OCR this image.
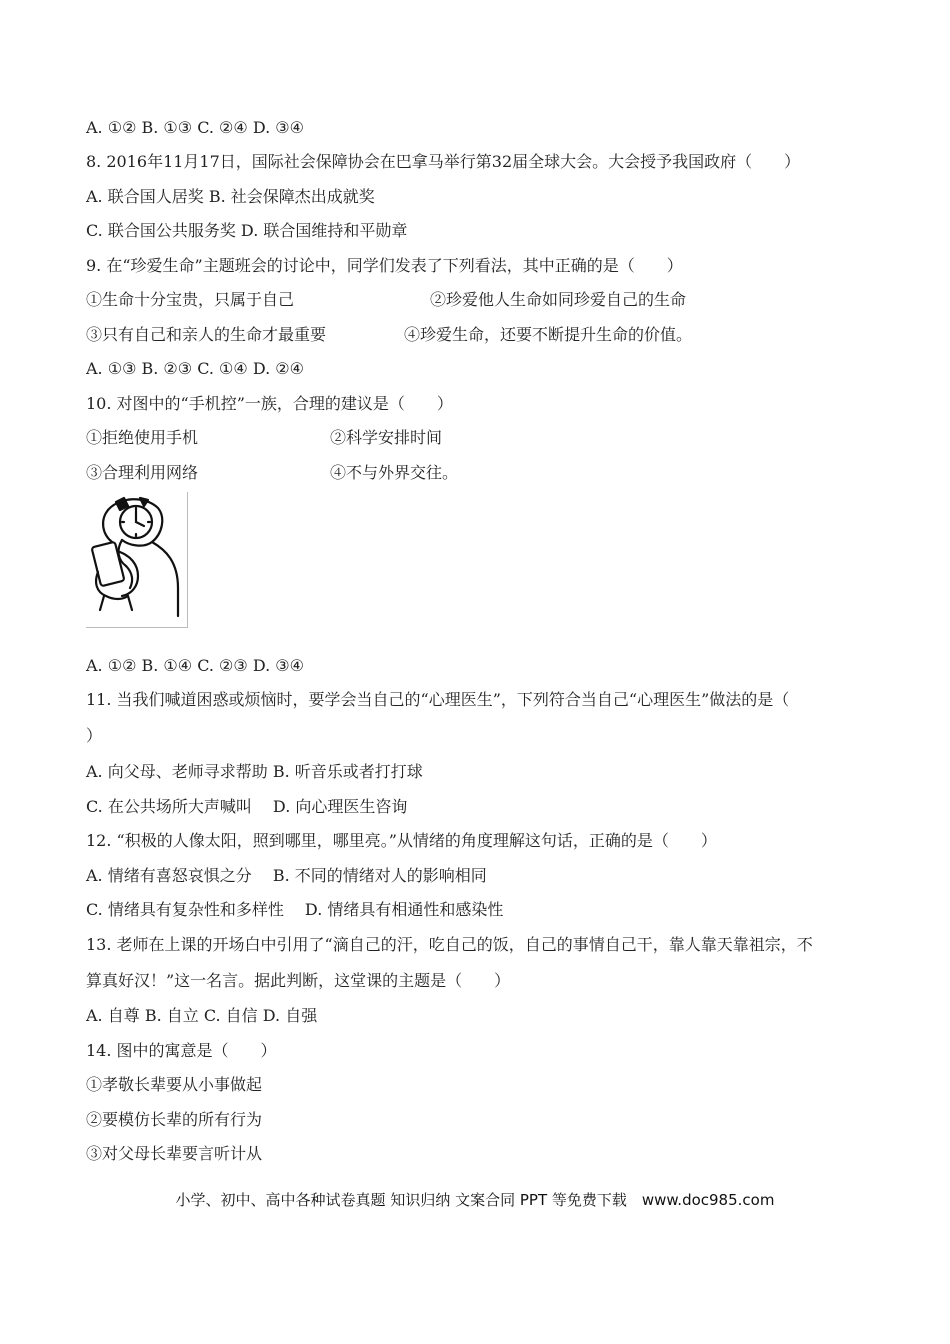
A. ①② B. ①③ C. ②④ D. ③④
8. 2016年11月17日，国际社会保障协会在巴拿马举行第32届全球大会。大会授予我国政府（　　）
A. 联合国人居奖 B. 社会保障杰出成就奖
C. 联合国公共服务奖 D. 联合国维持和平勋章
9. 在“珍爱生命”主题班会的讨论中，同学们发表了下列看法，其中正确的是（　　）
①生命十分宝贵，只属于自己	②珍爱他人生命如同珍爱自己的生命
③只有自己和亲人的生命才最重要	④珍爱生命，还要不断提升生命的价值。
A. ①③ B. ②③ C. ①④ D. ②④
10. 对图中的“手机控”一族，合理的建议是（　　）
①拒绝使用手机	②科学安排时间
③合理利用网络	④不与外界交往。
A. ①② B. ①④ C. ②③ D. ③④
11. 当我们喊道困惑或烦恼时，要学会当自己的“心理医生”，下列符合当自己“心理医生”做法的是（
）
A. 向父母、老师寻求帮助 B. 听音乐或者打打球
C. 在公共场所大声喊叫　 D. 向心理医生咨询
12. “积极的人像太阳，照到哪里，哪里亮。”从情绪的角度理解这句话，正确的是（　　）
A. 情绪有喜怒哀惧之分　 B. 不同的情绪对人的影响相同
C. 情绪具有复杂性和多样性　 D. 情绪具有相通性和感染性
13. 老师在上课的开场白中引用了“滴自己的汗，吃自己的饭，自己的事情自己干，靠人靠天靠祖宗，不
算真好汉！”这一名言。据此判断，这堂课的主题是（　　）
A. 自尊 B. 自立 C. 自信 D. 自强
14. 图中的寓意是（　　）
①孝敬长辈要从小事做起
②要模仿长辈的所有行为
③对父母长辈要言听计从
小学、初中、高中各种试卷真题 知识归纳 文案合同 PPT 等免费下载　www.doc985.com
